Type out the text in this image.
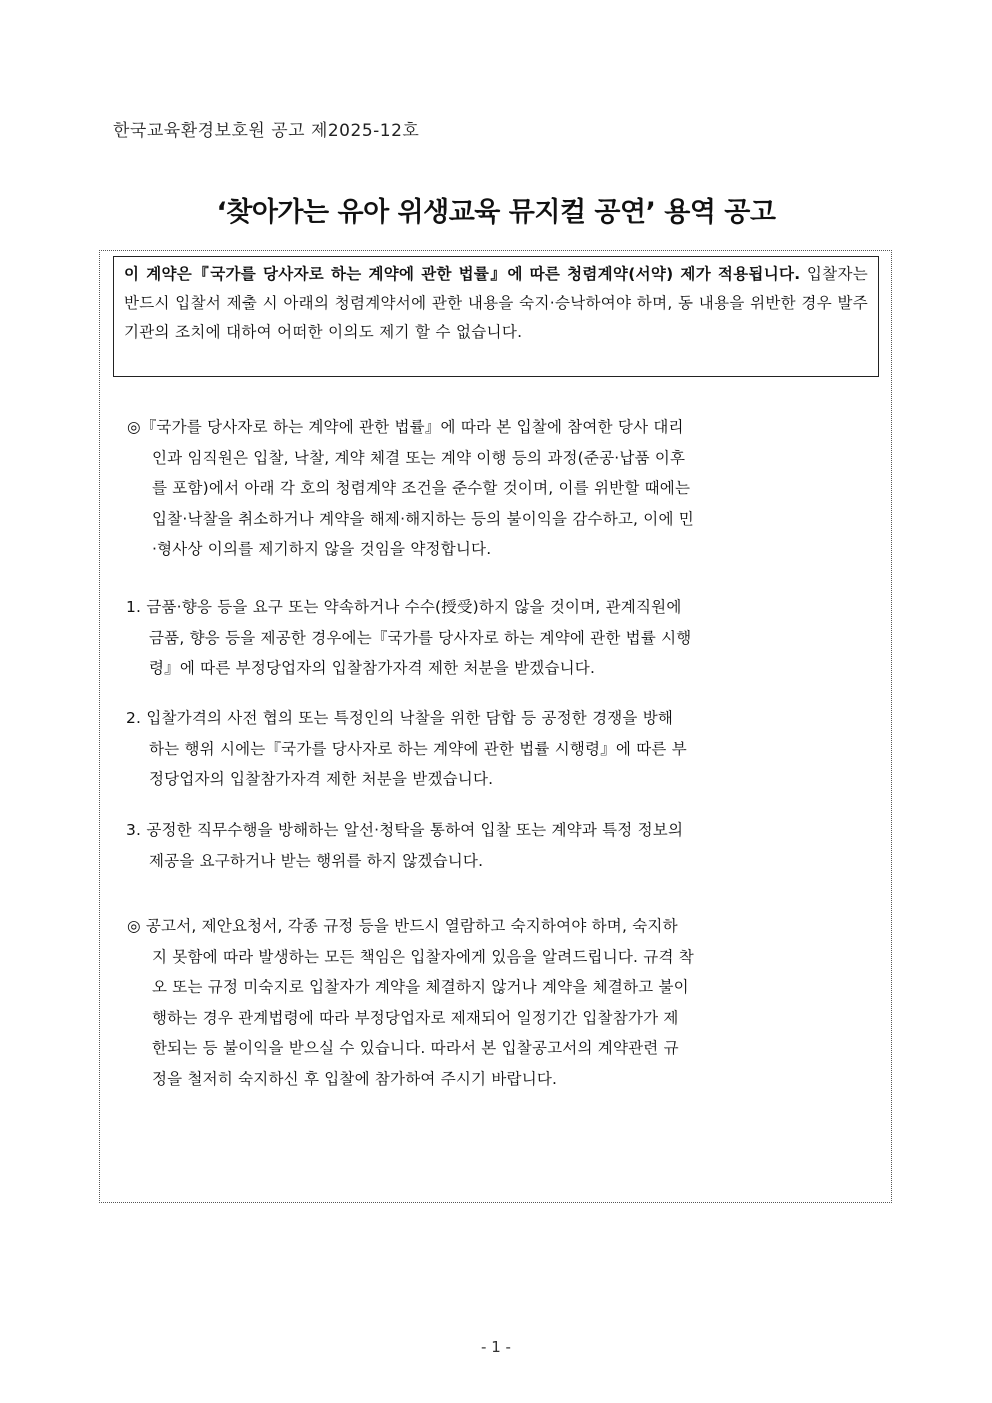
한국교육환경보호원 공고 제2025-12호
‘찾아가는 유아 위생교육 뮤지컬 공연’ 용역 공고
이 계약은『국가를 당사자로 하는 계약에 관한 법률』에 따른 청렴계약(서약) 제가 적용됩니다. 입찰자는 반드시 입찰서 제출 시 아래의 청렴계약서에 관한 내용을 숙지·승낙하여야 하며, 동 내용을 위반한 경우 발주기관의 조치에 대하여 어떠한 이의도 제기 할 수 없습니다.
◎『국가를 당사자로 하는 계약에 관한 법률』에 따라 본 입찰에 참여한 당사 대리
인과 임직원은 입찰, 낙찰, 계약 체결 또는 계약 이행 등의 과정(준공·납품 이후
를 포함)에서 아래 각 호의 청렴계약 조건을 준수할 것이며, 이를 위반할 때에는
입찰·낙찰을 취소하거나 계약을 해제·해지하는 등의 불이익을 감수하고, 이에 민
·형사상 이의를 제기하지 않을 것임을 약정합니다.
1. 금품·향응 등을 요구 또는 약속하거나 수수(授受)하지 않을 것이며, 관계직원에
금품, 향응 등을 제공한 경우에는『국가를 당사자로 하는 계약에 관한 법률 시행
령』에 따른 부정당업자의 입찰참가자격 제한 처분을 받겠습니다.
2. 입찰가격의 사전 협의 또는 특정인의 낙찰을 위한 담합 등 공정한 경쟁을 방해
하는 행위 시에는『국가를 당사자로 하는 계약에 관한 법률 시행령』에 따른 부
정당업자의 입찰참가자격 제한 처분을 받겠습니다.
3. 공정한 직무수행을 방해하는 알선·청탁을 통하여 입찰 또는 계약과 특정 정보의
제공을 요구하거나 받는 행위를 하지 않겠습니다.
◎ 공고서, 제안요청서, 각종 규정 등을 반드시 열람하고 숙지하여야 하며, 숙지하
지 못함에 따라 발생하는 모든 책임은 입찰자에게 있음을 알려드립니다. 규격 착
오 또는 규정 미숙지로 입찰자가 계약을 체결하지 않거나 계약을 체결하고 불이
행하는 경우 관계법령에 따라 부정당업자로 제재되어 일정기간 입찰참가가 제
한되는 등 불이익을 받으실 수 있습니다. 따라서 본 입찰공고서의 계약관련 규
정을 철저히 숙지하신 후 입찰에 참가하여 주시기 바랍니다.
- 1 -
